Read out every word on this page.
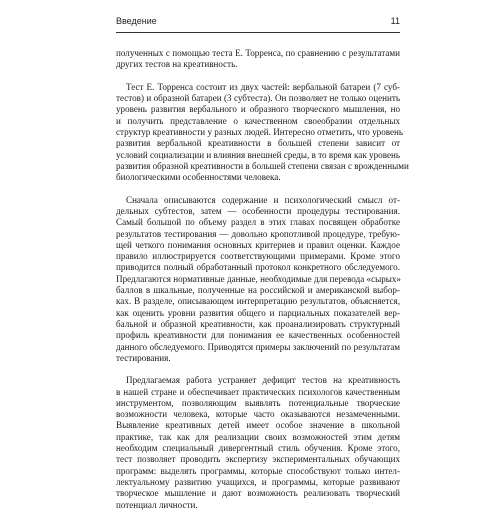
Введение	11

полученных с помощью теста Е. Торренса, по сравнению с результатами
других тестов на креативность.

Тест Е. Торренса состоит из двух частей: вербальной батареи (7 суб-
тестов) и образной батареи (3 субтеста). Он позволяет не только оценить
уровень развития вербального и образного творческого мышления, но
и получить представление о качественном своеобразии отдельных
структур креативности у разных людей. Интересно отметить, что уровень
развития вербальной креативности в большей степени зависит от
условий социализации и влияния внешней среды, в то время как уровень
развития образной креативности в большей степени связан с врожденными
биологическими особенностями человека.

Сначала описываются содержание и психологический смысл от-
дельных субтестов, затем — особенности процедуры тестирования.
Самый большой по объему раздел в этих главах посвящен обработке
результатов тестирования — довольно кропотливой процедуре, требую-
щей четкого понимания основных критериев и правил оценки. Каждое
правило иллюстрируется соответствующими примерами. Кроме этого
приводится полный обработанный протокол конкретного обследуемого.
Предлагаются нормативные данные, необходимые для перевода «сырых»
баллов в шкальные, полученные на российской и американской выбор-
ках. В разделе, описывающем интерпретацию результатов, объясняется,
как оценить уровни развития общего и парциальных показателей вер-
бальной и образной креативности, как проанализировать структурный
профиль креативности для понимания ее качественных особенностей
данного обследуемого. Приводятся примеры заключений по результатам
тестирования.

Предлагаемая работа устраняет дефицит тестов на креативность
в нашей стране и обеспечивает практических психологов качественным
инструментом, позволяющим выявлять потенциальные творческие
возможности человека, которые часто оказываются незамеченными.
Выявление креативных детей имеет особое значение в школьной
практике, так как для реализации своих возможностей этим детям
необходим специальный дивергентный стиль обучения. Кроме этого,
тест позволяет проводить экспертизу экспериментальных обучающих
программ: выделять программы, которые способствуют только интел-
лектуальному развитию учащихся, и программы, которые развивают
творческое мышление и дают возможность реализовать творческий
потенциал личности.
